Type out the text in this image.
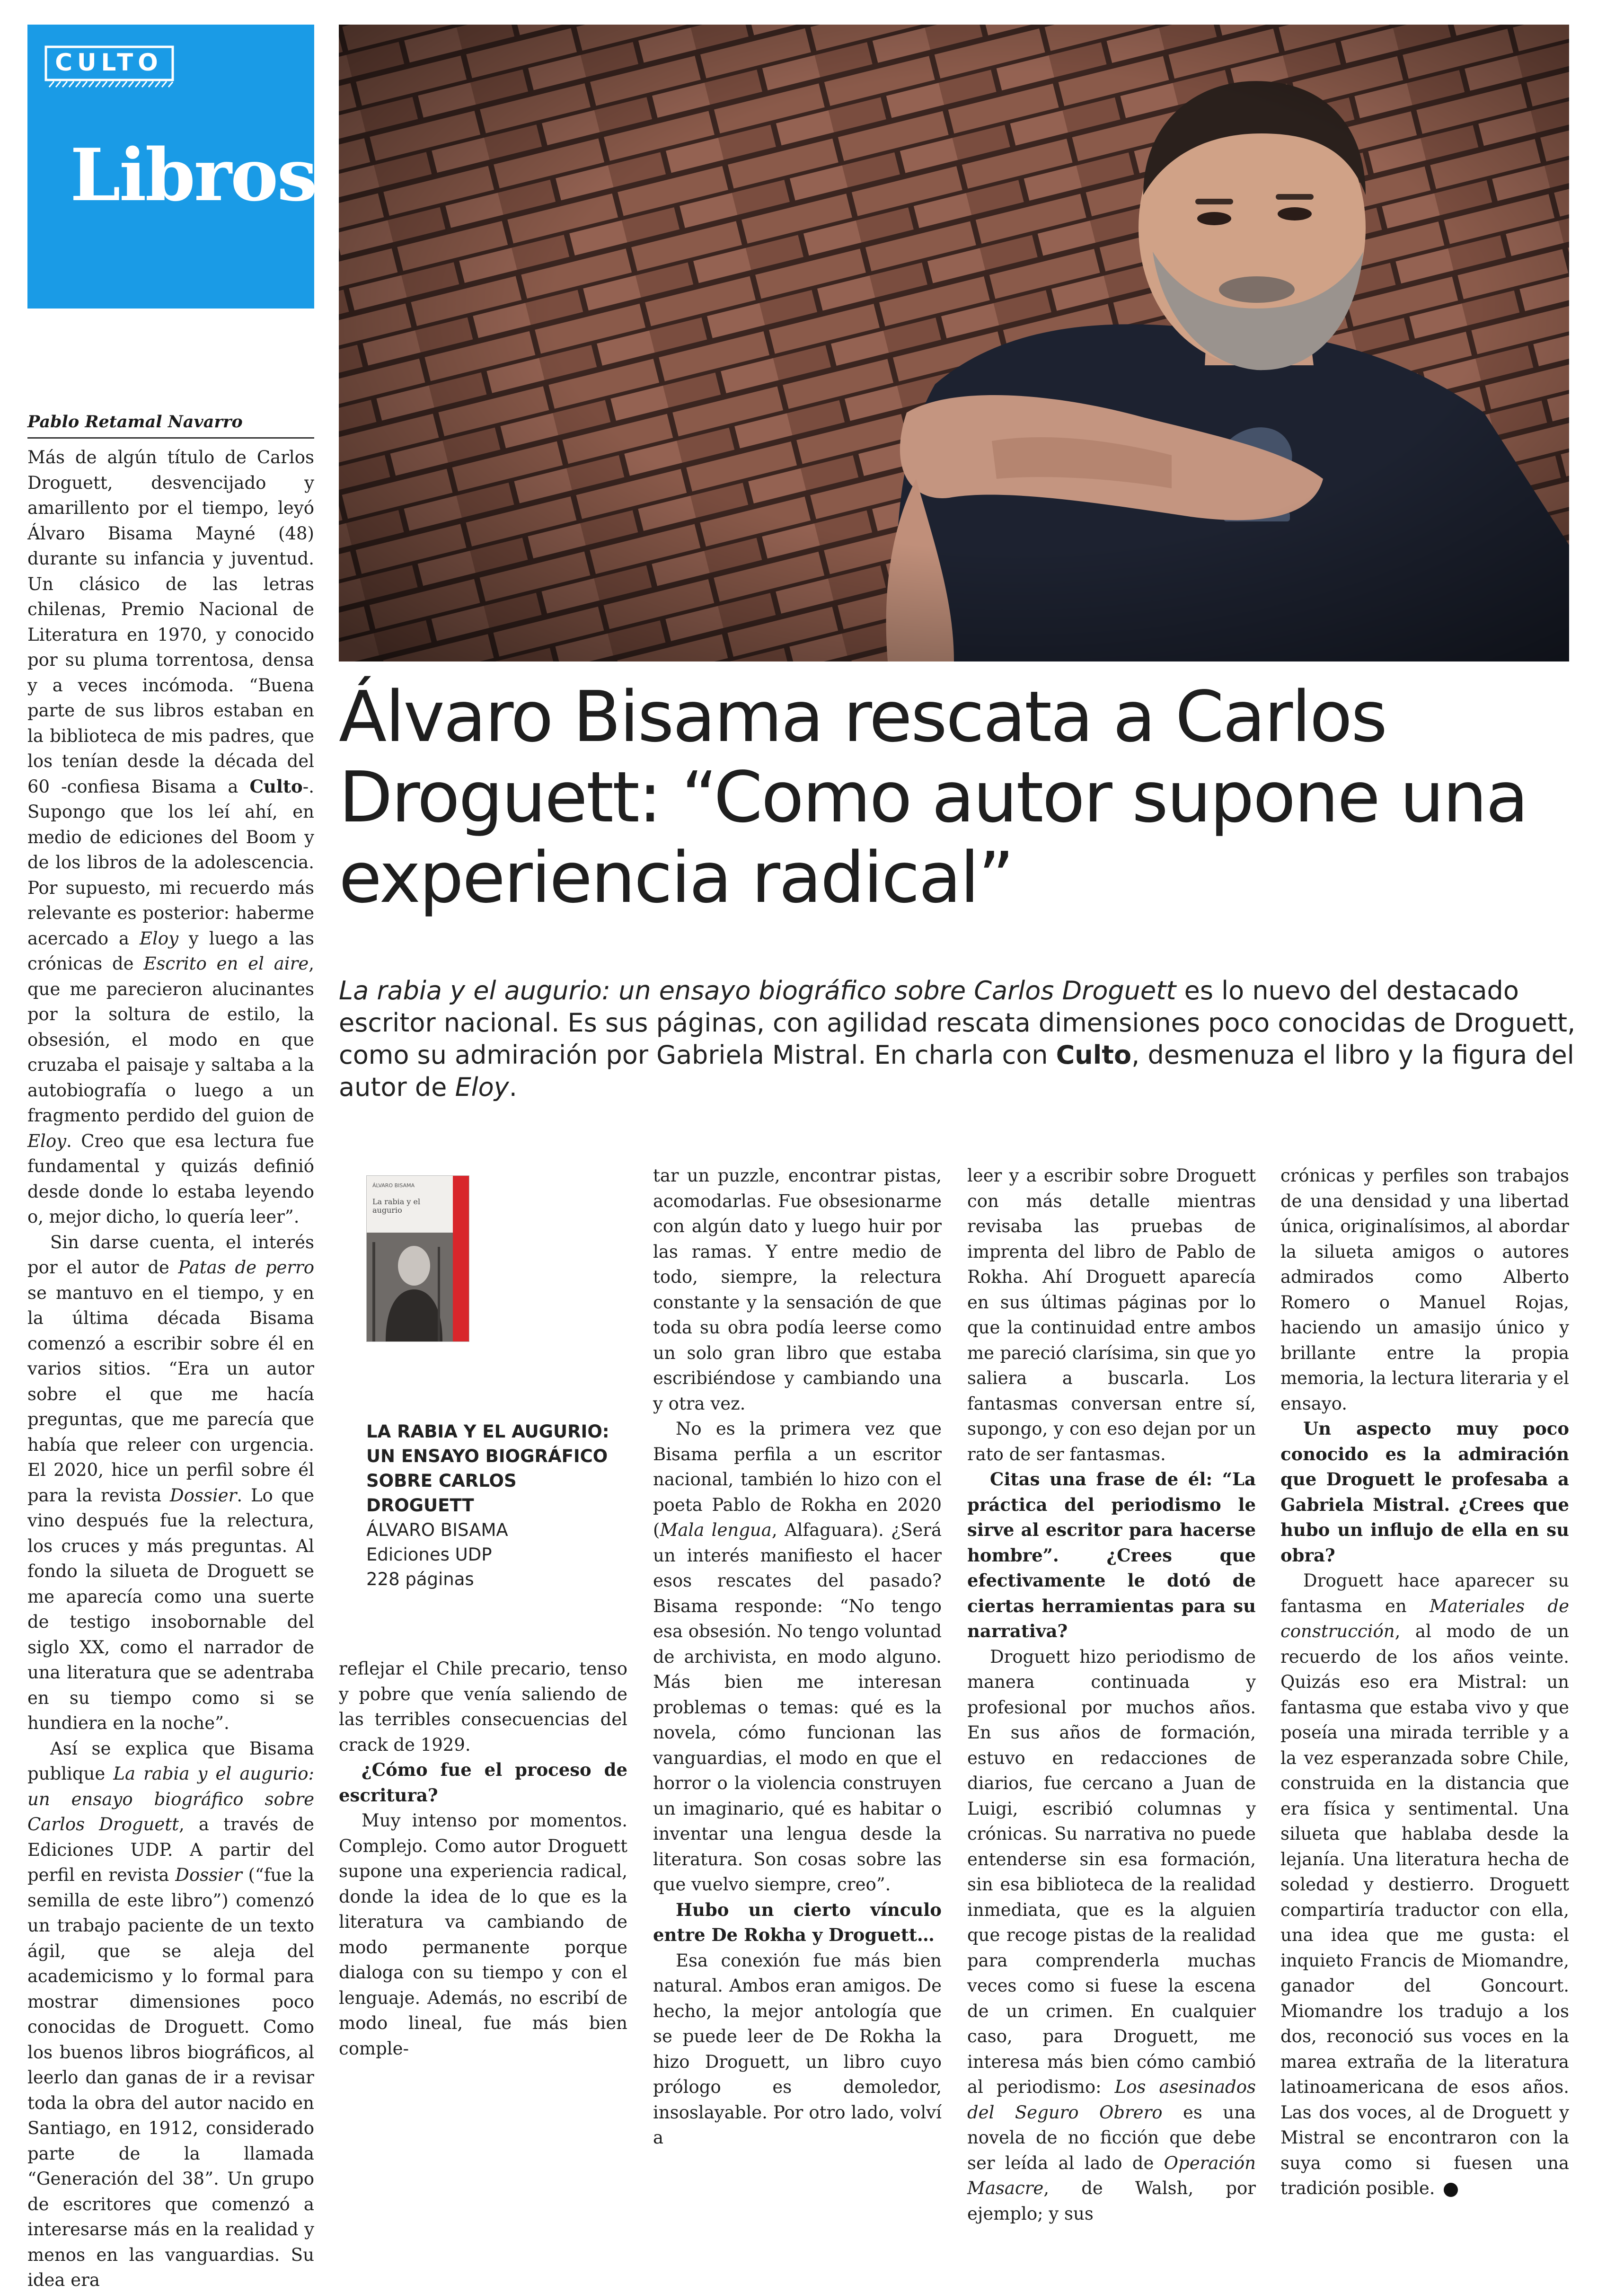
CULTO
Libros
Álvaro Bisama rescata a Carlos Droguett: “Como autor supone una experiencia radical”

La rabia y el augurio: un ensayo biográfico sobre Carlos Droguett es lo nuevo del destacado escritor nacional. Es sus páginas, con agilidad rescata dimensiones poco conocidas de Droguett, como su admiración por Gabriela Mistral. En charla con Culto, desmenuza el libro y la figura del autor de Eloy.

Pablo Retamal Navarro

Más de algún título de Carlos Droguett, desvencijado y amarillento por el tiempo, leyó Álvaro Bisama Mayné (48) durante su infancia y juventud. Un clásico de las letras chilenas, Premio Nacional de Literatura en 1970, y conocido por su pluma torrentosa, densa y a veces incómoda. “Buena parte de sus libros estaban en la biblioteca de mis padres, que los tenían desde la década del 60 -confiesa Bisama a Culto-. Supongo que los leí ahí, en medio de ediciones del Boom y de los libros de la adolescencia. Por supuesto, mi recuerdo más relevante es posterior: haberme acercado a Eloy y luego a las crónicas de Escrito en el aire, que me parecieron alucinantes por la soltura de estilo, la obsesión, el modo en que cruzaba el paisaje y saltaba a la autobiografía o luego a un fragmento perdido del guion de Eloy. Creo que esa lectura fue fundamental y quizás definió desde donde lo estaba leyendo o, mejor dicho, lo quería leer”.

Sin darse cuenta, el interés por el autor de Patas de perro se mantuvo en el tiempo, y en la última década Bisama comenzó a escribir sobre él en varios sitios. “Era un autor sobre el que me hacía preguntas, que me parecía que había que releer con urgencia. El 2020, hice un perfil sobre él para la revista Dossier. Lo que vino después fue la relectura, los cruces y más preguntas. Al fondo la silueta de Droguett se me aparecía como una suerte de testigo insobornable del siglo XX, como el narrador de una literatura que se adentraba en su tiempo como si se hundiera en la noche”.

Así se explica que Bisama publique La rabia y el augurio: un ensayo biográfico sobre Carlos Droguett, a través de Ediciones UDP. A partir del perfil en revista Dossier (“fue la semilla de este libro”) comenzó un trabajo paciente de un texto ágil, que se aleja del academicismo y lo formal para mostrar dimensiones poco conocidas de Droguett. Como los buenos libros biográficos, al leerlo dan ganas de ir a revisar toda la obra del autor nacido en Santiago, en 1912, considerado parte de la llamada “Generación del 38”. Un grupo de escritores que comenzó a interesarse más en la realidad y menos en las vanguardias. Su idea era

La rabia y el augurio
ÁLVARO BISAMA
LA RABIA Y EL AUGURIO: UN ENSAYO BIOGRÁFICO SOBRE CARLOS DROGUETT
ÁLVARO BISAMA
Ediciones UDP
228 páginas

reflejar el Chile precario, tenso y pobre que venía saliendo de las terribles consecuencias del crack de 1929.

¿Cómo fue el proceso de escritura?

Muy intenso por momentos. Complejo. Como autor Droguett supone una experiencia radical, donde la idea de lo que es la literatura va cambiando de modo permanente porque dialoga con su tiempo y con el lenguaje. Además, no escribí de modo lineal, fue más bien comple-

tar un puzzle, encontrar pistas, acomodarlas. Fue obsesionarme con algún dato y luego huir por las ramas. Y entre medio de todo, siempre, la relectura constante y la sensación de que toda su obra podía leerse como un solo gran libro que estaba escribiéndose y cambiando una y otra vez.

No es la primera vez que Bisama perfila a un escritor nacional, también lo hizo con el poeta Pablo de Rokha en 2020 (Mala lengua, Alfaguara). ¿Será un interés manifiesto el hacer esos rescates del pasado? Bisama responde: “No tengo esa obsesión. No tengo voluntad de archivista, en modo alguno. Más bien me interesan problemas o temas: qué es la novela, cómo funcionan las vanguardias, el modo en que el horror o la violencia construyen un imaginario, qué es habitar o inventar una lengua desde la literatura. Son cosas sobre las que vuelvo siempre, creo”.

Hubo un cierto vínculo entre De Rokha y Droguett…

Esa conexión fue más bien natural. Ambos eran amigos. De hecho, la mejor antología que se puede leer de De Rokha la hizo Droguett, un libro cuyo prólogo es demoledor, insoslayable. Por otro lado, volví a

leer y a escribir sobre Droguett con más detalle mientras revisaba las pruebas de imprenta del libro de Pablo de Rokha. Ahí Droguett aparecía en sus últimas páginas por lo que la continuidad entre ambos me pareció clarísima, sin que yo saliera a buscarla. Los fantasmas conversan entre sí, supongo, y con eso dejan por un rato de ser fantasmas.

Citas una frase de él: “La práctica del periodismo le sirve al escritor para hacerse hombre”. ¿Crees que efectivamente le dotó de ciertas herramientas para su narrativa?

Droguett hizo periodismo de manera continuada y profesional por muchos años. En sus años de formación, estuvo en redacciones de diarios, fue cercano a Juan de Luigi, escribió columnas y crónicas. Su narrativa no puede entenderse sin esa formación, sin esa biblioteca de la realidad inmediata, que es la alguien que recoge pistas de la realidad para comprenderla muchas veces como si fuese la escena de un crimen. En cualquier caso, para Droguett, me interesa más bien cómo cambió al periodismo: Los asesinados del Seguro Obrero es una novela de no ficción que debe ser leída al lado de Operación Masacre, de Walsh, por ejemplo; y sus

crónicas y perfiles son trabajos de una densidad y una libertad única, originalísimos, al abordar la silueta amigos o autores admirados como Alberto Romero o Manuel Rojas, haciendo un amasijo único y brillante entre la propia memoria, la lectura literaria y el ensayo.

Un aspecto muy poco conocido es la admiración que Droguett le profesaba a Gabriela Mistral. ¿Crees que hubo un influjo de ella en su obra?

Droguett hace aparecer su fantasma en Materiales de construcción, al modo de un recuerdo de los años veinte. Quizás eso era Mistral: un fantasma que estaba vivo y que poseía una mirada terrible y a la vez esperanzada sobre Chile, construida en la distancia que era física y sentimental. Una silueta que hablaba desde la lejanía. Una literatura hecha de soledad y destierro. Droguett compartiría traductor con ella, una idea que me gusta: el inquieto Francis de Miomandre, ganador del Goncourt. Miomandre los tradujo a los dos, reconoció sus voces en la marea extraña de la literatura latinoamericana de esos años. Las dos voces, al de Droguett y Mistral se encontraron con la suya como si fuesen una tradición posible.
